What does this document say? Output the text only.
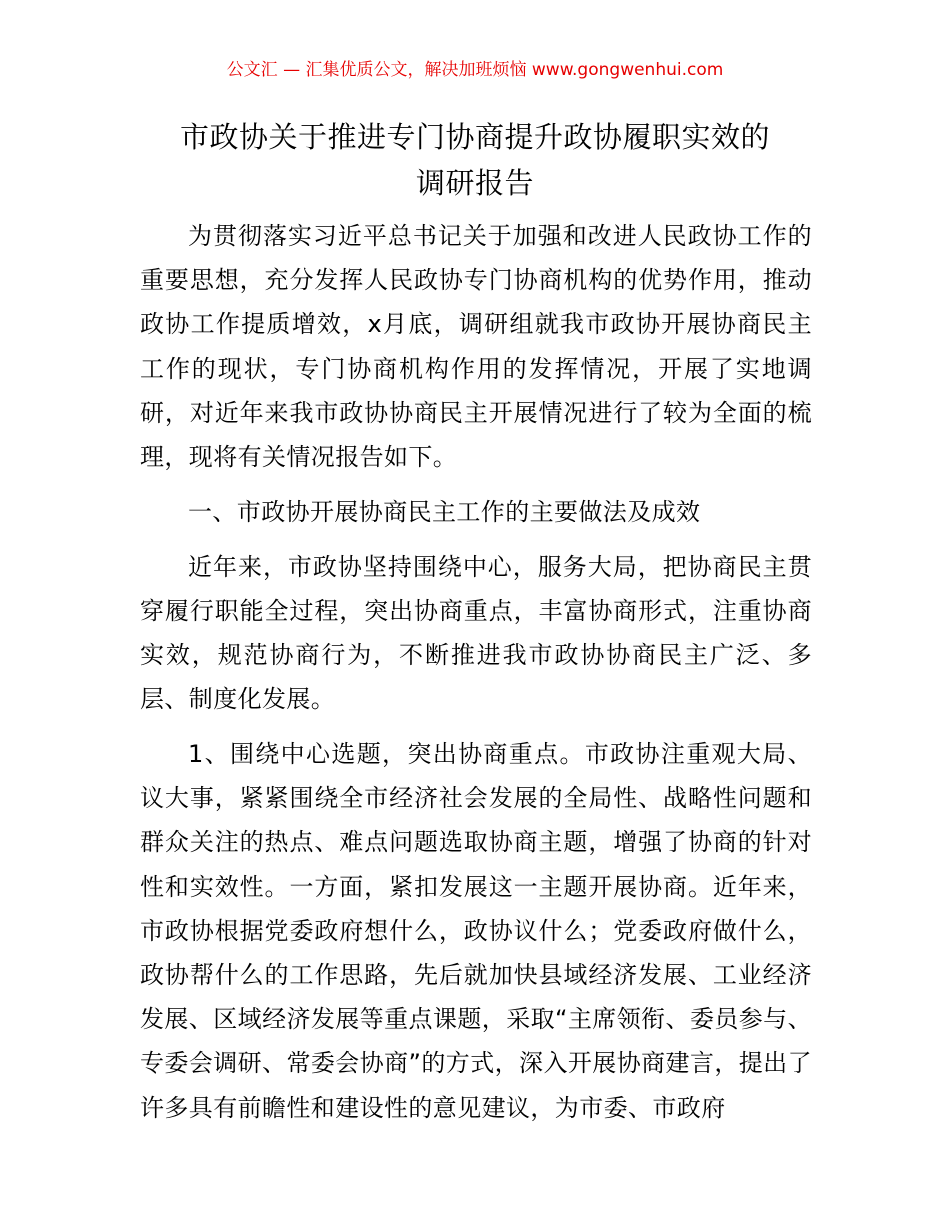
公文汇 — 汇集优质公文，解决加班烦恼 www.gongwenhui.com
市政协关于推进专门协商提升政协履职实效的
调研报告

为贯彻落实习近平总书记关于加强和改进人民政协工作的重要思想，充分发挥人民政协专门协商机构的优势作用，推动政协工作提质增效，x月底，调研组就我市政协开展协商民主工作的现状，专门协商机构作用的发挥情况，开展了实地调研，对近年来我市政协协商民主开展情况进行了较为全面的梳理，现将有关情况报告如下。

一、市政协开展协商民主工作的主要做法及成效

近年来，市政协坚持围绕中心，服务大局，把协商民主贯穿履行职能全过程，突出协商重点，丰富协商形式，注重协商实效，规范协商行为，不断推进我市政协协商民主广泛、多层、制度化发展。

1、围绕中心选题，突出协商重点。市政协注重观大局、议大事，紧紧围绕全市经济社会发展的全局性、战略性问题和群众关注的热点、难点问题选取协商主题，增强了协商的针对性和实效性。一方面，紧扣发展这一主题开展协商。近年来，市政协根据党委政府想什么，政协议什么；党委政府做什么，政协帮什么的工作思路，先后就加快县域经济发展、工业经济发展、区域经济发展等重点课题，采取“主席领衔、委员参与、专委会调研、常委会协商”的方式，深入开展协商建言，提出了许多具有前瞻性和建设性的意见建议，为市委、市政府
